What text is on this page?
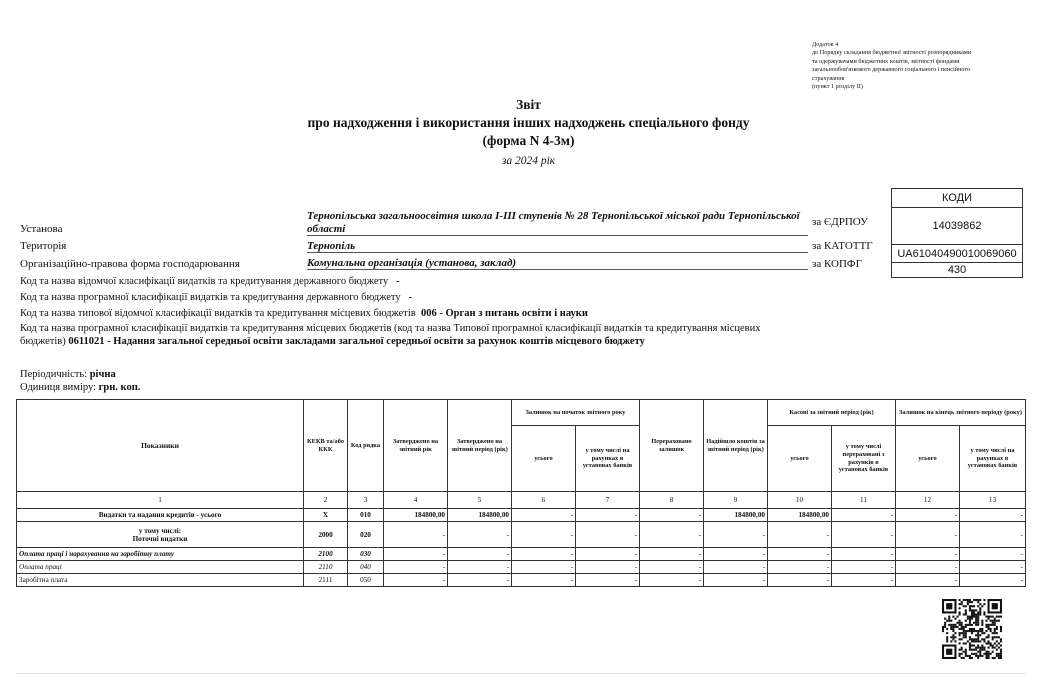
Додаток 4
до Порядку складання бюджетної звітності розпорядниками
та одержувачами бюджетних коштів, звітності фондами
загальнообов'язкового державного соціального і пенсійного
страхування
(пункт 1 розділу II)
Звіт
про надходження і використання інших надходжень спеціального фонду
(форма N 4-3м)
за 2024 рік
КОДИ
14039862
UA61040490010069060
430
за ЄДРПОУ
за КАТОТТГ
за КОПФГ
Установа
Тернопільська загальноосвітня школа І-ІІІ ступенів № 28 Тернопільської міської ради Тернопільської області
Територія	Тернопіль
Організаційно-правова форма господарювання	Комунальна організація (установа, заклад)
Код та назва відомчої класифікації видатків та кредитування державного бюджету -
Код та назва програмної класифікації видатків та кредитування державного бюджету -
Код та назва типової відомчої класифікації видатків та кредитування місцевих бюджетів 006 - Орган з питань освіти і науки
Код та назва програмної класифікації видатків та кредитування місцевих бюджетів (код та назва Типової програмної класифікації видатків та кредитування місцевих бюджетів) 0611021 - Надання загальної середньої освіти закладами загальної середньої освіти за рахунок коштів місцевого бюджету
Періодичність: річна
Одиниця виміру: грн. коп.
Показники	КЕКВ та/або ККК	Код рядка	Затверджено на звітний рік	Затверджено на звітний період (рік)	Залишок на початок звітного року		Перераховано залишок	Надійшло коштів за звітний період (рік)	Касові за звітний період (рік)		Залишок на кінець звітного періоду (року)	
					усього	у тому числі на рахунках в установах банків			усього	у тому числі перераховані з рахунків в установах банків	усього	у тому числі на рахунках в установах банків
1	2	3	4	5	6	7	8	9	10	11	12	13
Видатки та надання кредитів - усього	X	010	184800,00	184800,00	-	-	-	184800,00	184800,00	-	-	-

у тому числі:
Поточні видатки	2000	020	-	-	-	-	-	-	-	-	-	-
Оплата праці і нарахування на заробітну плату	2100	030	-	-	-	-	-	-	-	-	-	-
Оплата праці	2110	040	-	-	-	-	-	-	-	-	-	-
Заробітна плата	2111	050	-	-	-	-	-	-	-	-	-	-
